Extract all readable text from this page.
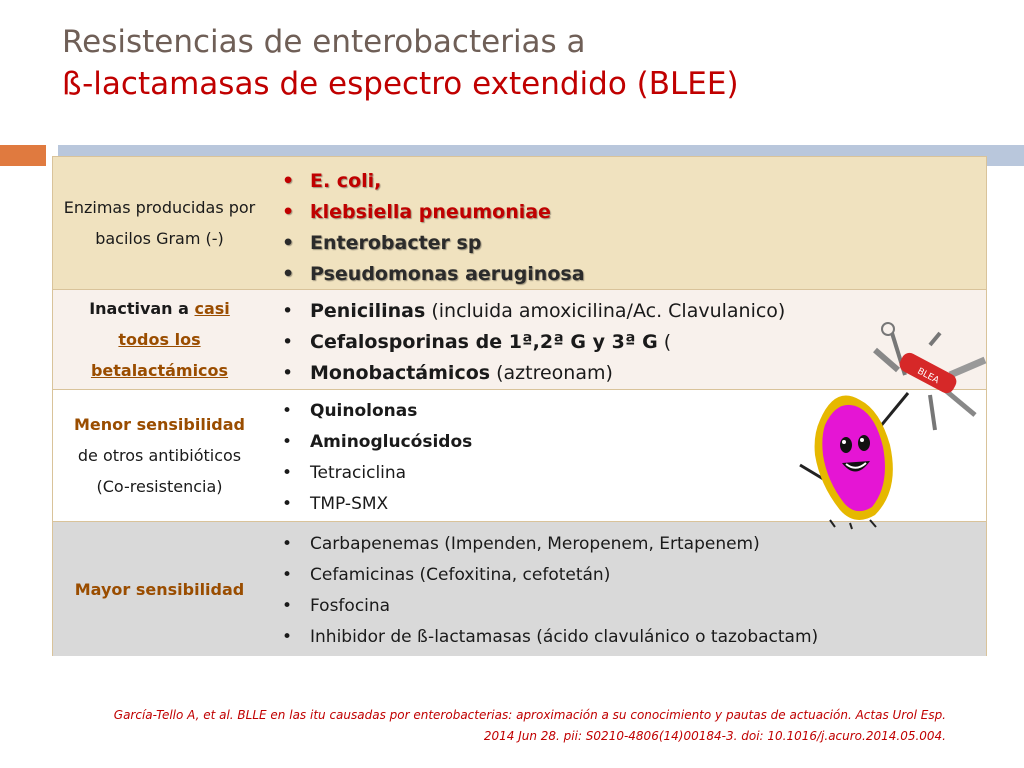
Resistencias de enterobacterias a
ß-lactamasas de espectro extendido (BLEE)
Enzimas producidas por bacilos Gram (-)
• E. coli,
• klebsiella pneumoniae
• Enterobacter sp
• Pseudomonas aeruginosa
Inactivan a casi todos los betalactámicos
• Penicilinas (incluida amoxicilina/Ac. Clavulanico)
• Cefalosporinas de 1ª,2ª G y 3ª G (
• Monobactámicos (aztreonam)
Menor sensibilidad de otros antibióticos (Co-resistencia)
• Quinolonas
• Aminoglucósidos
• Tetraciclina
• TMP-SMX
Mayor sensibilidad
• Carbapenemas (Impenden, Meropenem, Ertapenem)
• Cefamicinas (Cefoxitina, cefotetán)
• Fosfocina
• Inhibidor de ß-lactamasas (ácido clavulánico o tazobactam)
BLEA
García-Tello A, et al. BLLE en las itu causadas por enterobacterias: aproximación a su conocimiento y pautas de actuación. Actas Urol Esp.
2014 Jun 28. pii: S0210-4806(14)00184-3. doi: 10.1016/j.acuro.2014.05.004.
